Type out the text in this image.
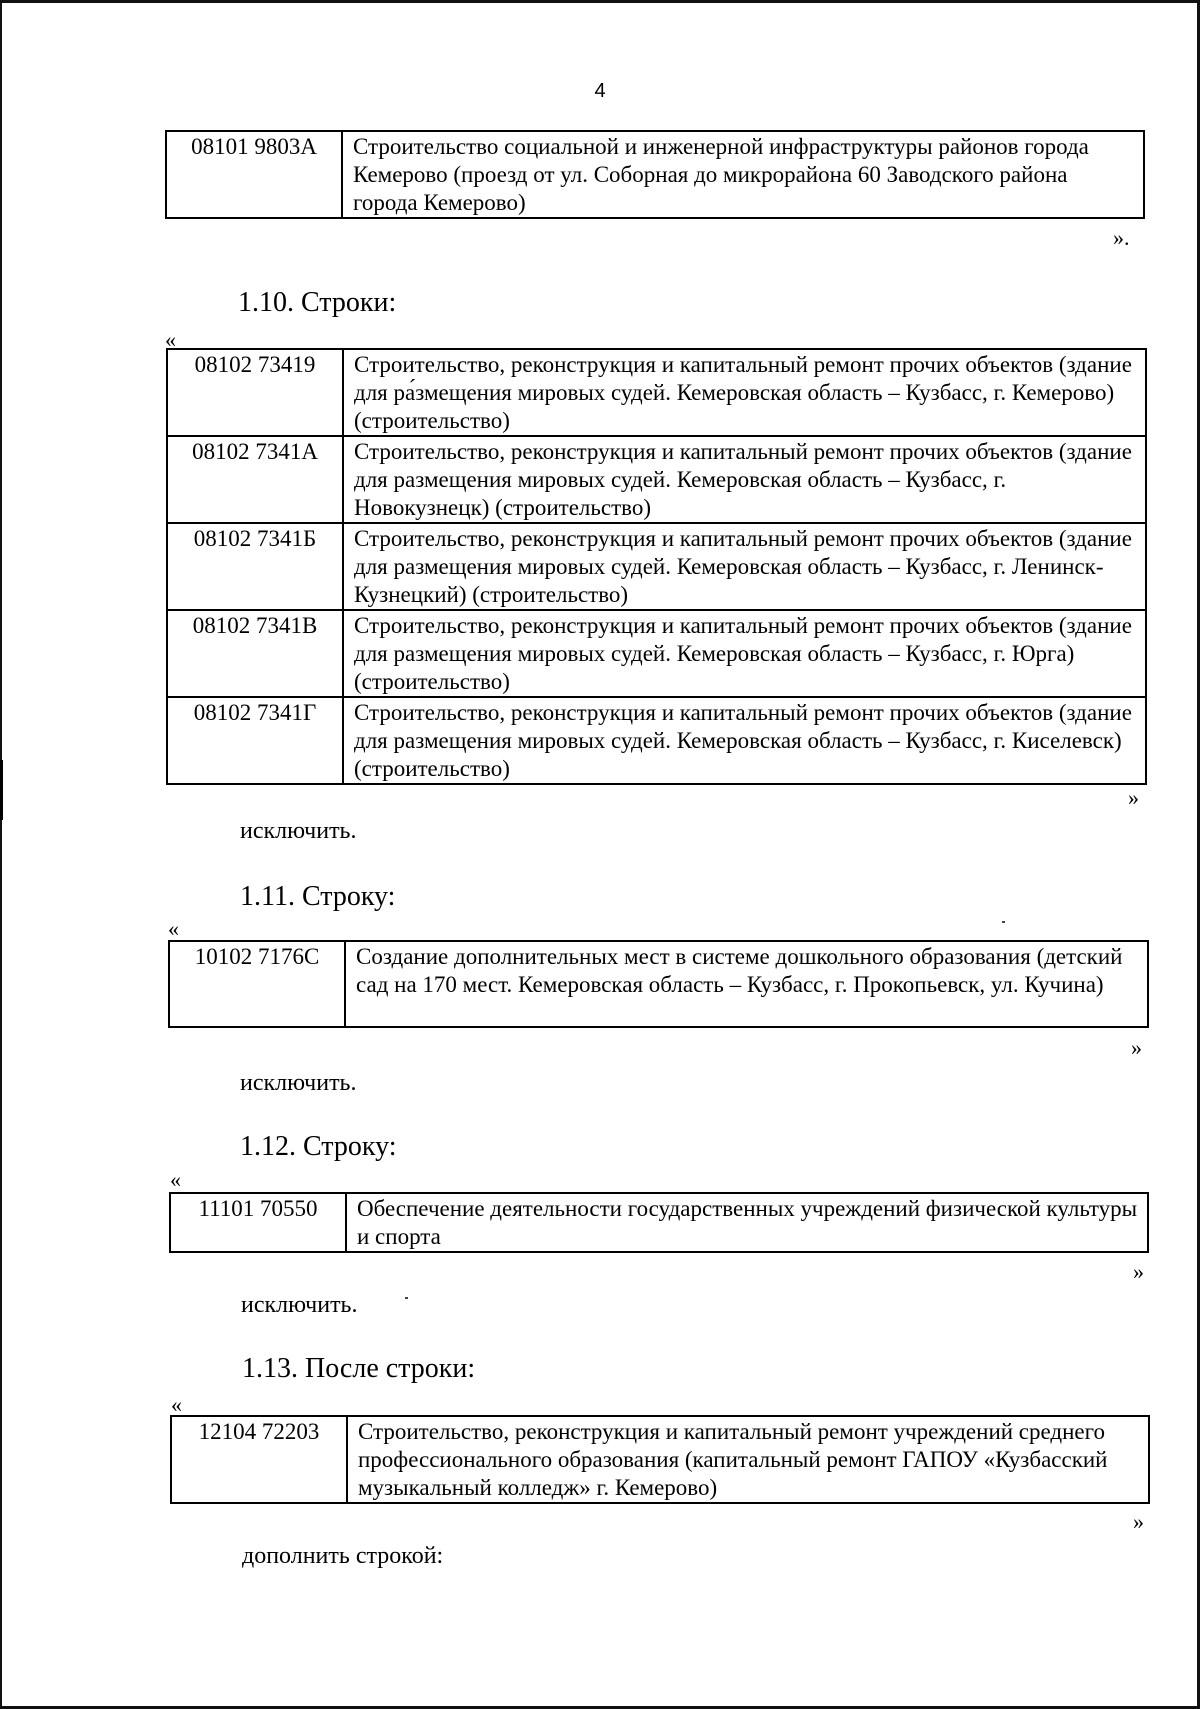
4
08101 9803А	Строительство социальной и инженерной инфраструктуры районов города Кемерово (проезд от ул. Соборная до микрорайона 60 Заводского района города Кемерово)
».
1.10. Строки:
«
08102 73419	Строительство, реконструкция и капитальный ремонт прочих объектов (здание для ра́змещения мировых судей. Кемеровская область – Кузбасс, г. Кемерово) (строительство)
08102 7341А	Строительство, реконструкция и капитальный ремонт прочих объектов (здание для размещения мировых судей. Кемеровская область – Кузбасс, г. Новокузнецк) (строительство)
08102 7341Б	Строительство, реконструкция и капитальный ремонт прочих объектов (здание для размещения мировых судей. Кемеровская область – Кузбасс, г. Ленинск-Кузнецкий) (строительство)
08102 7341В	Строительство, реконструкция и капитальный ремонт прочих объектов (здание для размещения мировых судей. Кемеровская область – Кузбасс, г. Юрга) (строительство)
08102 7341Г	Строительство, реконструкция и капитальный ремонт прочих объектов (здание для размещения мировых судей. Кемеровская область – Кузбасс, г. Киселевск) (строительство)
»
исключить.
1.11. Строку:
«
10102 7176С	Создание дополнительных мест в системе дошкольного образования (детский сад на 170 мест. Кемеровская область – Кузбасс, г. Прокопьевск, ул. Кучина)
»
исключить.
1.12. Строку:
«
11101 70550	Обеспечение деятельности государственных учреждений физической культуры и спорта
»
исключить.
1.13. После строки:
«
12104 72203	Строительство, реконструкция и капитальный ремонт учреждений среднего профессионального образования (капитальный ремонт ГАПОУ «Кузбасский музыкальный колледж» г. Кемерово)
»
дополнить строкой:
